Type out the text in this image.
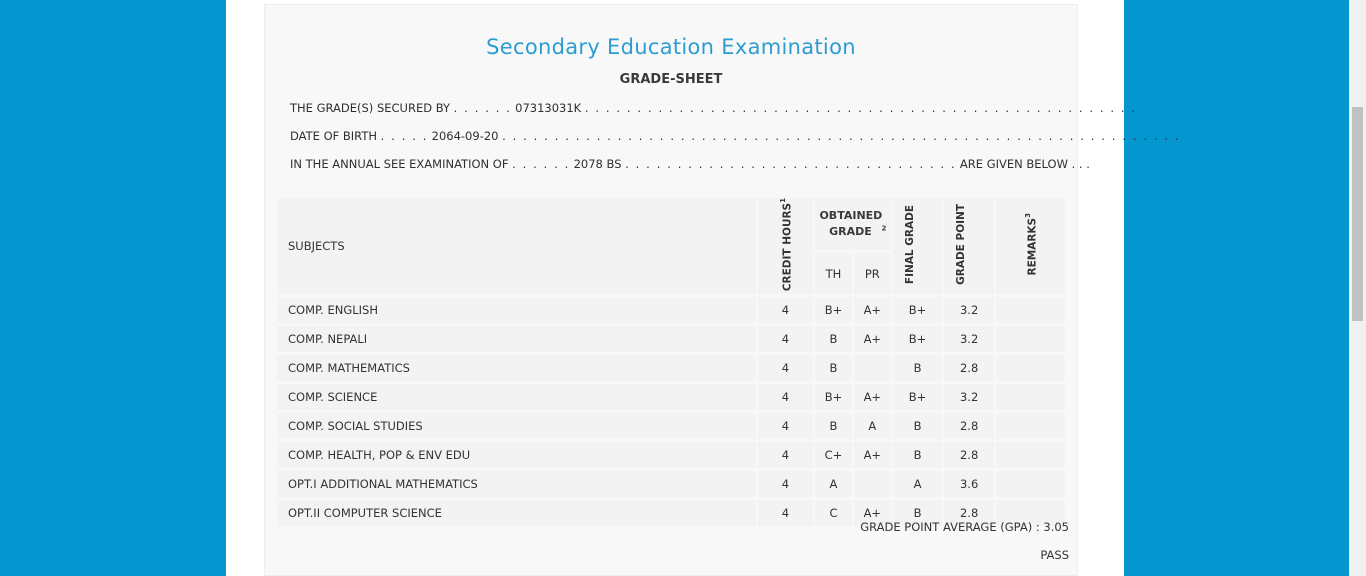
Secondary Education Examination
GRADE-SHEET
THE GRADE(S) SECURED BY . . . . . . 07313031K . . . . . . . . . . . . . . . . . . . . . . . . . . . . . . . . . . . . . . . . . . . . . . . . . . . . .
DATE OF BIRTH . . . . . 2064-09-20 . . . . . . . . . . . . . . . . . . . . . . . . . . . . . . . . . . . . . . . . . . . . . . . . . . . . . . . . . . . . . . . . .
IN THE ANNUAL SEE EXAMINATION OF . . . . . . 2078 BS . . . . . . . . . . . . . . . . . . . . . . . . . . . . . . . . ARE GIVEN BELOW . . .
SUBJECTS	CREDIT HOURS$^1$	OBTAINED GRADE $^2$		FINAL GRADE	GRADE POINT	REMARKS$^3$
		TH	PR			
COMP. ENGLISH	4	B+	A+	B+	3.2	
COMP. NEPALI	4	B	A+	B+	3.2	
COMP. MATHEMATICS	4	B		B	2.8	
COMP. SCIENCE	4	B+	A+	B+	3.2	
COMP. SOCIAL STUDIES	4	B	A	B	2.8	
COMP. HEALTH, POP & ENV EDU	4	C+	A+	B	2.8	
OPT.I ADDITIONAL MATHEMATICS	4	A		A	3.6	
OPT.II COMPUTER SCIENCE	4	C	A+	B	2.8	
GRADE POINT AVERAGE (GPA) : 3.05
PASS
